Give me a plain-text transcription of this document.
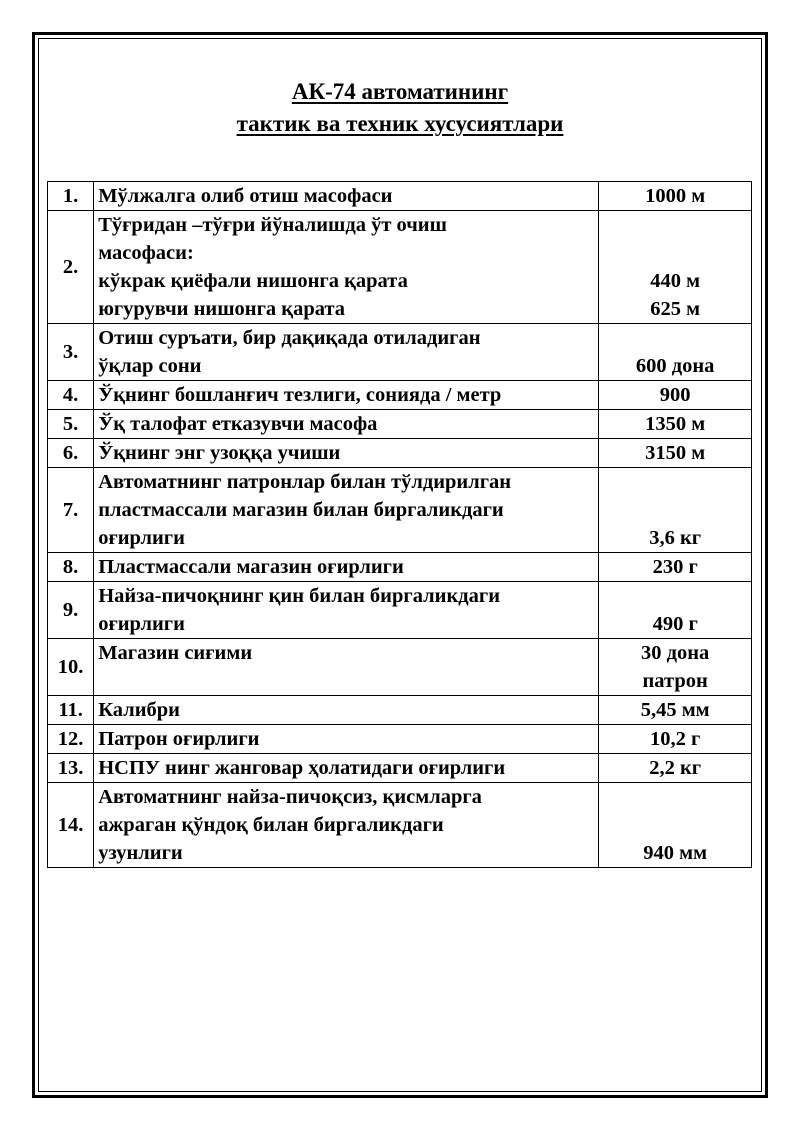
АК-74 автоматининг
тактик ва техник хусусиятлари
1.	Мўлжалга олиб отиш масофаси	1000 м

2.	Тўғридан –тўғри йўналишда ўт очиш
масофаси:
кўкрак қиёфали нишонга қарата
югурувчи нишонга қарата	440 м
625 м

3.	Отиш суръати, бир дақиқада отиладиган
ўқлар сони	600 дона

4.	Ўқнинг бошланғич тезлиги, сонияда / метр	900

5.	Ўқ талофат етказувчи масофа	1350 м

6.	Ўқнинг энг узоққа учиши	3150 м

7.	Автоматнинг патронлар билан тўлдирилган
пластмассали магазин билан биргаликдаги
оғирлиги	3,6 кг

8.	Пластмассали магазин оғирлиги	230 г

9.	Найза-пичоқнинг қин билан биргаликдаги
оғирлиги	490 г

10.	Магазин сиғими	30 дона
патрон

11.	Калибри	5,45 мм

12.	Патрон оғирлиги	10,2 г

13.	НСПУ нинг жанговар ҳолатидаги оғирлиги	2,2 кг

14.	Автоматнинг найза-пичоқсиз, қисмларга
ажраган қўндоқ билан биргаликдаги
узунлиги	940 мм
